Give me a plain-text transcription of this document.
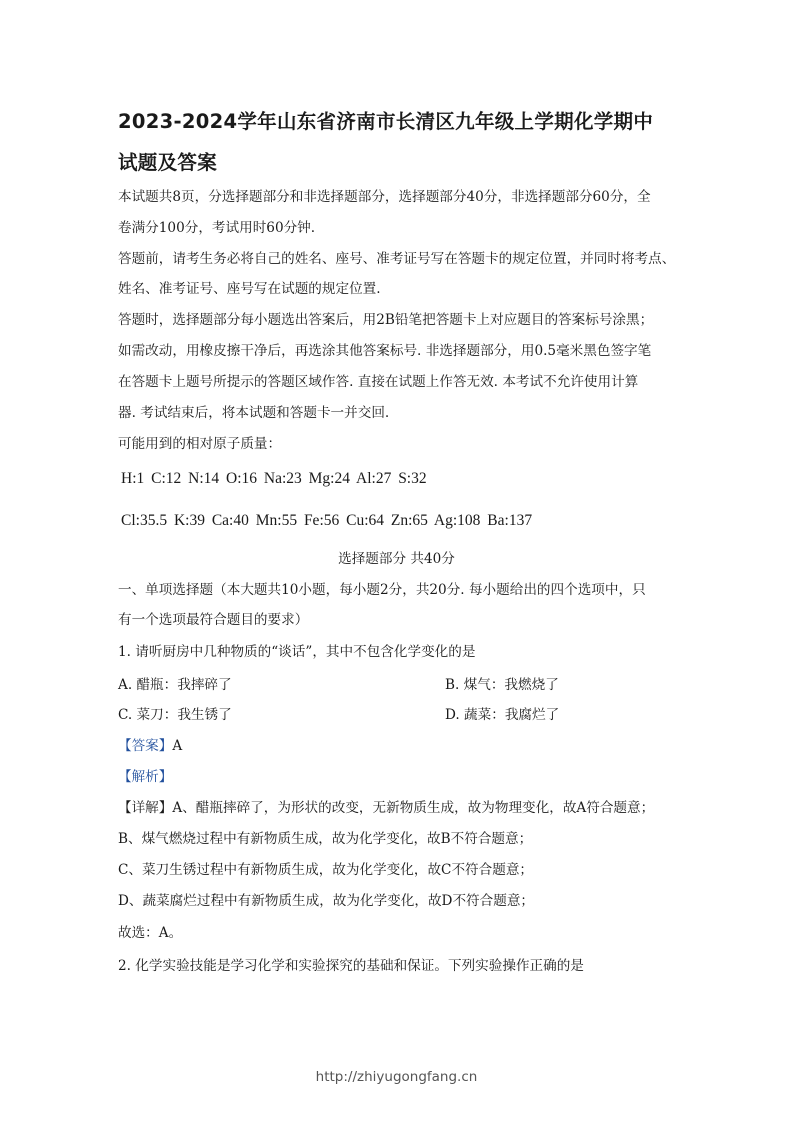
2023-2024学年山东省济南市长清区九年级上学期化学期中
试题及答案
本试题共8页，分选择题部分和非选择题部分，选择题部分40分，非选择题部分60分，全
卷满分100分，考试用时60分钟.
答题前，请考生务必将自己的姓名、座号、准考证号写在答题卡的规定位置，并同时将考点、
姓名、准考证号、座号写在试题的规定位置.
答题时，选择题部分每小题选出答案后，用2B铅笔把答题卡上对应题目的答案标号涂黑；
如需改动，用橡皮擦干净后，再选涂其他答案标号. 非选择题部分，用0.5毫米黑色签字笔
在答题卡上题号所提示的答题区域作答. 直接在试题上作答无效. 本考试不允许使用计算
器. 考试结束后，将本试题和答题卡一并交回.
可能用到的相对原子质量：
H:1 C:12 N:14 O:16 Na:23 Mg:24 Al:27 S:32
Cl:35.5 K:39 Ca:40 Mn:55 Fe:56 Cu:64 Zn:65 Ag:108 Ba:137
选择题部分 共40分
一、单项选择题（本大题共10小题，每小题2分，共20分. 每小题给出的四个选项中，只
有一个选项最符合题目的要求）
1. 请听厨房中几种物质的“谈话”，其中不包含化学变化的是
A. 醋瓶：我摔碎了	B. 煤气：我燃烧了
C. 菜刀：我生锈了	D. 蔬菜：我腐烂了
【答案】A
【解析】
【详解】A、醋瓶摔碎了，为形状的改变，无新物质生成，故为物理变化，故A符合题意；
B、煤气燃烧过程中有新物质生成，故为化学变化，故B不符合题意；
C、菜刀生锈过程中有新物质生成，故为化学变化，故C不符合题意；
D、蔬菜腐烂过程中有新物质生成，故为化学变化，故D不符合题意；
故选：A。
2. 化学实验技能是学习化学和实验探究的基础和保证。下列实验操作正确的是
http://zhiyugongfang.cn
